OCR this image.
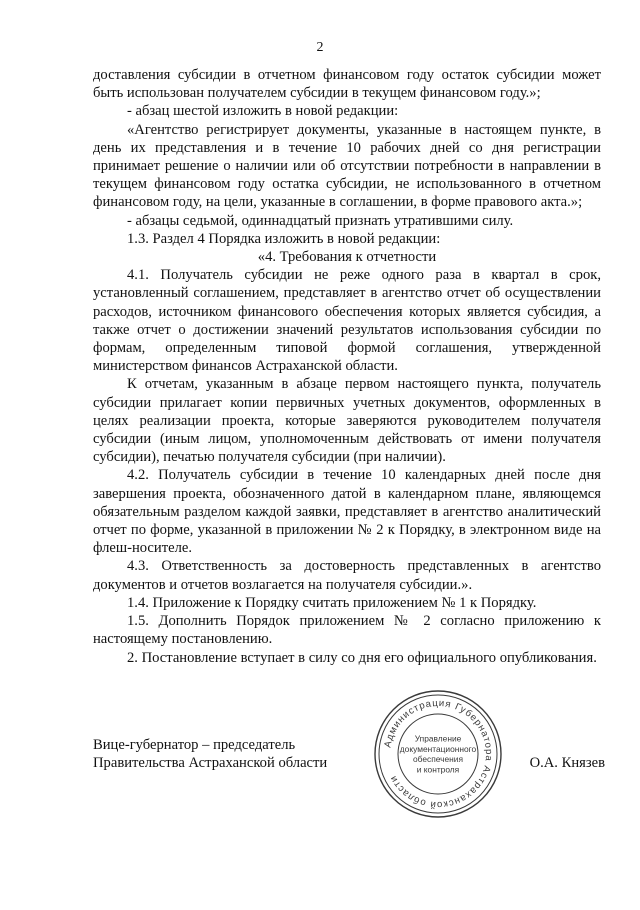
2

доставления субсидии в отчетном финансовом году остаток субсидии может быть использован получателем субсидии в текущем финансовом году.»;

- абзац шестой изложить в новой редакции:

«Агентство регистрирует документы, указанные в настоящем пункте, в день их представления и в течение 10 рабочих дней со дня регистрации принимает решение о наличии или об отсутствии потребности в направлении в текущем финансовом году остатка субсидии, не использованного в отчетном финансовом году, на цели, указанные в соглашении, в форме правового акта.»;

- абзацы седьмой, одиннадцатый признать утратившими силу.

1.3. Раздел 4 Порядка изложить в новой редакции:

«4. Требования к отчетности

4.1. Получатель субсидии не реже одного раза в квартал в срок, установленный соглашением, представляет в агентство отчет об осуществлении расходов, источником финансового обеспечения которых является субсидия, а также отчет о достижении значений результатов использования субсидии по формам, определенным типовой формой соглашения, утвержденной министерством финансов Астраханской области.

К отчетам, указанным в абзаце первом настоящего пункта, получатель субсидии прилагает копии первичных учетных документов, оформленных в целях реализации проекта, которые заверяются руководителем получателя субсидии (иным лицом, уполномоченным действовать от имени получателя субсидии), печатью получателя субсидии (при наличии).

4.2. Получатель субсидии в течение 10 календарных дней после дня завершения проекта, обозначенного датой в календарном плане, являющемся обязательным разделом каждой заявки, представляет в агентство аналитический отчет по форме, указанной в приложении № 2 к Порядку, в электронном виде на флеш-носителе.

4.3. Ответственность за достоверность представленных в агентство документов и отчетов возлагается на получателя субсидии.».

1.4. Приложение к Порядку считать приложением № 1 к Порядку.

1.5. Дополнить Порядок приложением № 2 согласно приложению к настоящему постановлению.

2. Постановление вступает в силу со дня его официального опубликования.

Вице-губернатор – председатель
Правительства Астраханской области
Администрация Губернатора Астраханской области
Управление
документационного
обеспечения
и контроля	О.А. Князев
